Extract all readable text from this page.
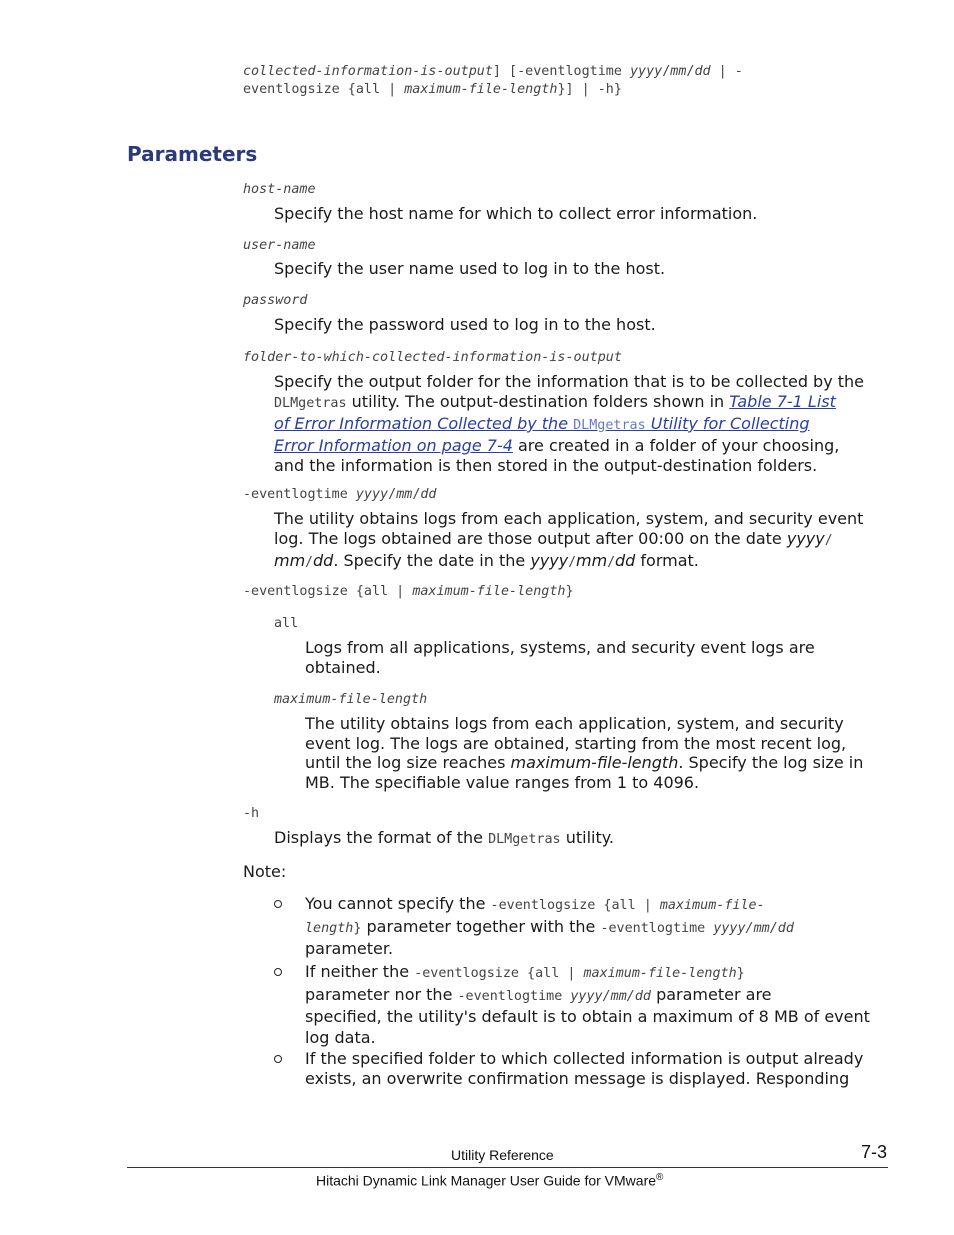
collected-information-is-output] [-eventlogtime yyyy/mm/dd | -
eventlogsize {all | maximum-file-length}] | -h}
Parameters
host-name
Specify the host name for which to collect error information.
user-name
Specify the user name used to log in to the host.
password
Specify the password used to log in to the host.
folder-to-which-collected-information-is-output
Specify the output folder for the information that is to be collected by the
DLMgetras utility. The output-destination folders shown in Table 7-1 List
of Error Information Collected by the DLMgetras Utility for Collecting
Error Information on page 7-4 are created in a folder of your choosing,
and the information is then stored in the output-destination folders.
-eventlogtime yyyy/mm/dd
The utility obtains logs from each application, system, and security event
log. The logs obtained are those output after 00:00 on the date yyyy/
mm/dd. Specify the date in the yyyy/mm/dd format.
-eventlogsize {all | maximum-file-length}
all
Logs from all applications, systems, and security event logs are
obtained.
maximum-file-length
The utility obtains logs from each application, system, and security
event log. The logs are obtained, starting from the most recent log,
until the log size reaches maximum-file-length. Specify the log size in
MB. The specifiable value ranges from 1 to 4096.
-h
Displays the format of the DLMgetras utility.
Note:
You cannot specify the -eventlogsize {all | maximum-file-
length} parameter together with the -eventlogtime yyyy/mm/dd
parameter.
If neither the -eventlogsize {all | maximum-file-length}
parameter nor the -eventlogtime yyyy/mm/dd parameter are
specified, the utility's default is to obtain a maximum of 8 MB of event
log data.
If the specified folder to which collected information is output already
exists, an overwrite confirmation message is displayed. Responding
Utility Reference	7-3
Hitachi Dynamic Link Manager User Guide for VMware®
